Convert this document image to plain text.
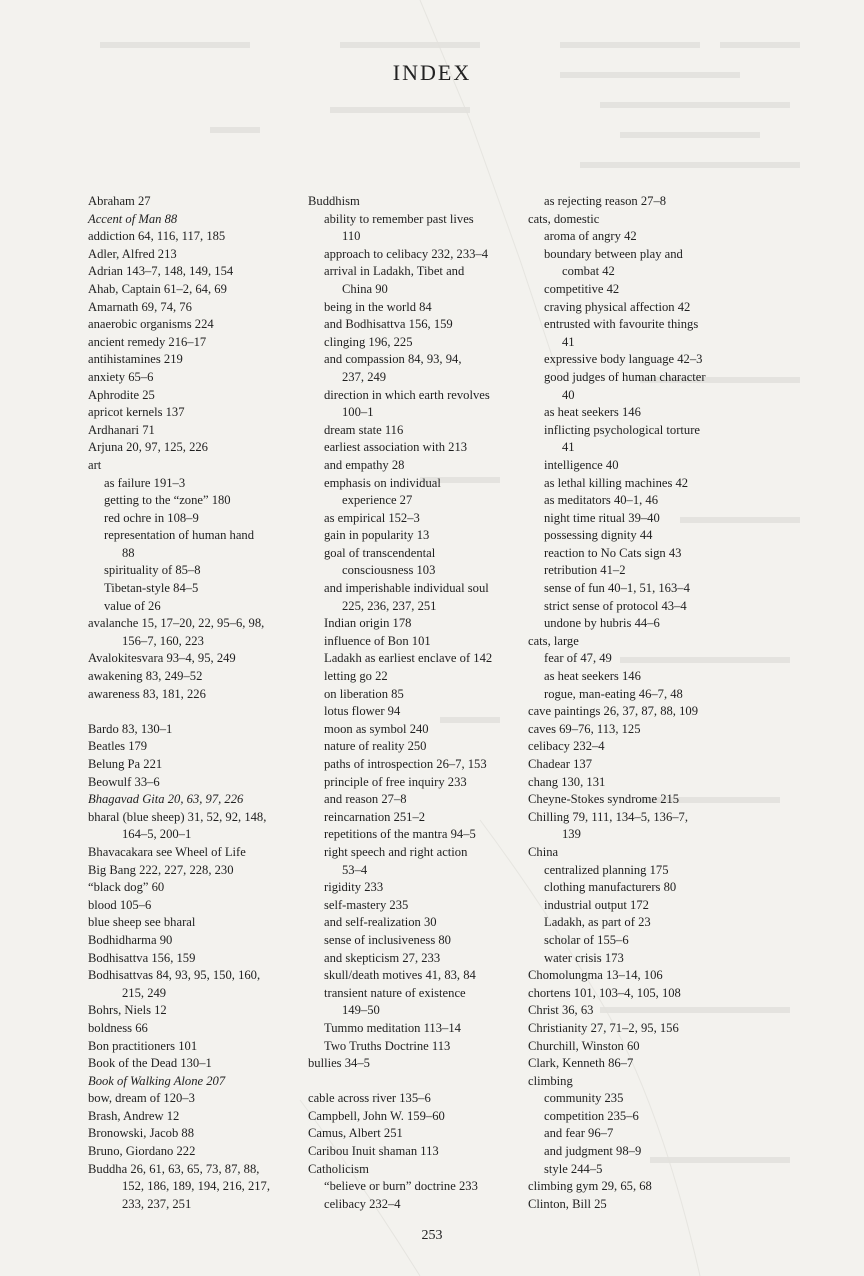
INDEX
Abraham 27
Accent of Man 88
addiction 64, 116, 117, 185
Adler, Alfred 213
Adrian 143–7, 148, 149, 154
Ahab, Captain 61–2, 64, 69
Amarnath 69, 74, 76
anaerobic organisms 224
ancient remedy 216–17
antihistamines 219
anxiety 65–6
Aphrodite 25
apricot kernels 137
Ardhanari 71
Arjuna 20, 97, 125, 226
art
as failure 191–3
getting to the “zone” 180
red ochre in 108–9
representation of human hand
88
spirituality of 85–8
Tibetan-style 84–5
value of 26
avalanche 15, 17–20, 22, 95–6, 98,
156–7, 160, 223
Avalokitesvara 93–4, 95, 249
awakening 83, 249–52
awareness 83, 181, 226
Bardo 83, 130–1
Beatles 179
Belung Pa 221
Beowulf 33–6
Bhagavad Gita 20, 63, 97, 226
bharal (blue sheep) 31, 52, 92, 148,
164–5, 200–1
Bhavacakara see Wheel of Life
Big Bang 222, 227, 228, 230
“black dog” 60
blood 105–6
blue sheep see bharal
Bodhidharma 90
Bodhisattva 156, 159
Bodhisattvas 84, 93, 95, 150, 160,
215, 249
Bohrs, Niels 12
boldness 66
Bon practitioners 101
Book of the Dead 130–1
Book of Walking Alone 207
bow, dream of 120–3
Brash, Andrew 12
Bronowski, Jacob 88
Bruno, Giordano 222
Buddha 26, 61, 63, 65, 73, 87, 88,
152, 186, 189, 194, 216, 217,
233, 237, 251
Buddhism
ability to remember past lives
110
approach to celibacy 232, 233–4
arrival in Ladakh, Tibet and
China 90
being in the world 84
and Bodhisattva 156, 159
clinging 196, 225
and compassion 84, 93, 94,
237, 249
direction in which earth revolves
100–1
dream state 116
earliest association with 213
and empathy 28
emphasis on individual
experience 27
as empirical 152–3
gain in popularity 13
goal of transcendental
consciousness 103
and imperishable individual soul
225, 236, 237, 251
Indian origin 178
influence of Bon 101
Ladakh as earliest enclave of 142
letting go 22
on liberation 85
lotus flower 94
moon as symbol 240
nature of reality 250
paths of introspection 26–7, 153
principle of free inquiry 233
and reason 27–8
reincarnation 251–2
repetitions of the mantra 94–5
right speech and right action
53–4
rigidity 233
self-mastery 235
and self-realization 30
sense of inclusiveness 80
and skepticism 27, 233
skull/death motives 41, 83, 84
transient nature of existence
149–50
Tummo meditation 113–14
Two Truths Doctrine 113
bullies 34–5
cable across river 135–6
Campbell, John W. 159–60
Camus, Albert 251
Caribou Inuit shaman 113
Catholicism
“believe or burn” doctrine 233
celibacy 232–4
as rejecting reason 27–8
cats, domestic
aroma of angry 42
boundary between play and
combat 42
competitive 42
craving physical affection 42
entrusted with favourite things
41
expressive body language 42–3
good judges of human character
40
as heat seekers 146
inflicting psychological torture
41
intelligence 40
as lethal killing machines 42
as meditators 40–1, 46
night time ritual 39–40
possessing dignity 44
reaction to No Cats sign 43
retribution 41–2
sense of fun 40–1, 51, 163–4
strict sense of protocol 43–4
undone by hubris 44–6
cats, large
fear of 47, 49
as heat seekers 146
rogue, man-eating 46–7, 48
cave paintings 26, 37, 87, 88, 109
caves 69–76, 113, 125
celibacy 232–4
Chadear 137
chang 130, 131
Cheyne-Stokes syndrome 215
Chilling 79, 111, 134–5, 136–7,
139
China
centralized planning 175
clothing manufacturers 80
industrial output 172
Ladakh, as part of 23
scholar of 155–6
water crisis 173
Chomolungma 13–14, 106
chortens 101, 103–4, 105, 108
Christ 36, 63
Christianity 27, 71–2, 95, 156
Churchill, Winston 60
Clark, Kenneth 86–7
climbing
community 235
competition 235–6
and fear 96–7
and judgment 98–9
style 244–5
climbing gym 29, 65, 68
Clinton, Bill 25
253
